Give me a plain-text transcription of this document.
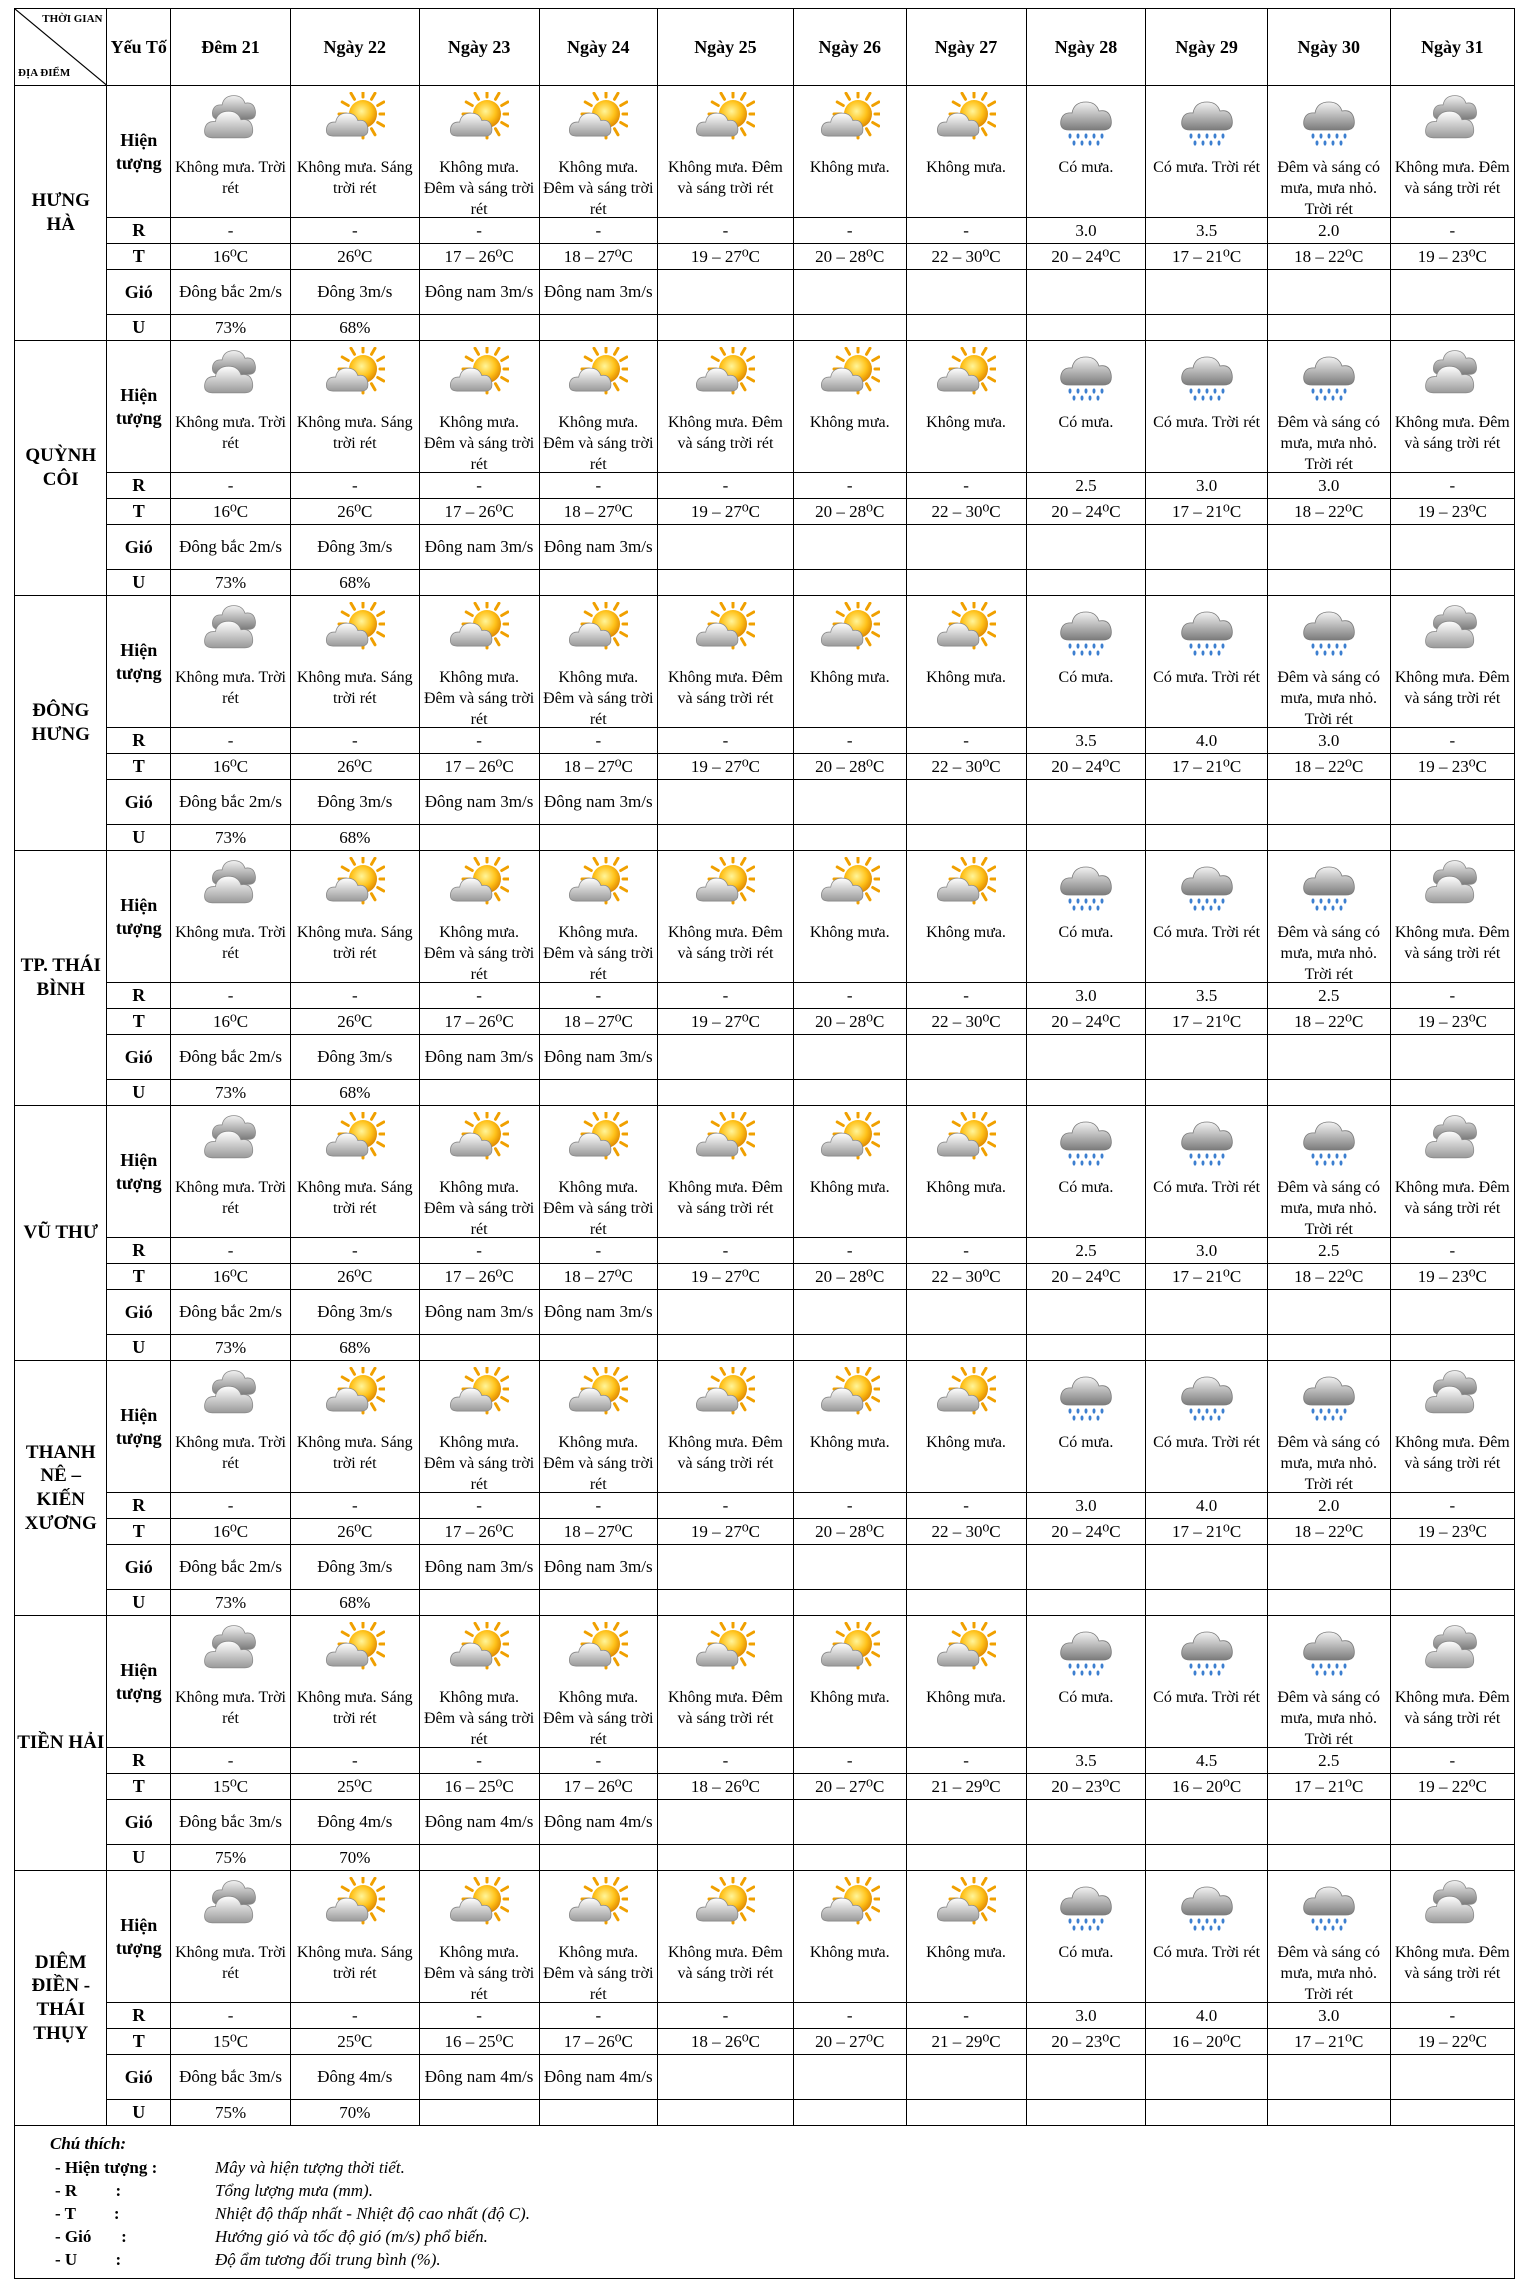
THỜI GIAN
ĐỊA ĐIỂM	Yếu Tố	Đêm 21	Ngày 22	Ngày 23	Ngày 24	Ngày 25	Ngày 26	Ngày 27	Ngày 28	Ngày 29	Ngày 30	Ngày 31
HƯNG HÀ	Hiện tượng	Không mưa. Trời rét	Không mưa. Sáng trời rét	Không mưa. Đêm và sáng trời rét	Không mưa. Đêm và sáng trời rét	Không mưa. Đêm và sáng trời rét	Không mưa.	Không mưa.	Có mưa.	Có mưa. Trời rét	Đêm và sáng có mưa, mưa nhỏ. Trời rét	Không mưa. Đêm và sáng trời rét

	R	-	-	-	-	-	-	-	3.0	3.5	2.0	-
	T	16⁰C	26⁰C	17 – 26⁰C	18 – 27⁰C	19 – 27⁰C	20 – 28⁰C	22 – 30⁰C	20 – 24⁰C	17 – 21⁰C	18 – 22⁰C	19 – 23⁰C
	Gió	Đông bắc 2m/s	Đông 3m/s	Đông nam 3m/s	Đông nam 3m/s							
	U	73%	68%									
QUỲNH CÔI	Hiện tượng	Không mưa. Trời rét	Không mưa. Sáng trời rét	Không mưa. Đêm và sáng trời rét	Không mưa. Đêm và sáng trời rét	Không mưa. Đêm và sáng trời rét	Không mưa.	Không mưa.	Có mưa.	Có mưa. Trời rét	Đêm và sáng có mưa, mưa nhỏ. Trời rét	Không mưa. Đêm và sáng trời rét

	R	-	-	-	-	-	-	-	2.5	3.0	3.0	-
	T	16⁰C	26⁰C	17 – 26⁰C	18 – 27⁰C	19 – 27⁰C	20 – 28⁰C	22 – 30⁰C	20 – 24⁰C	17 – 21⁰C	18 – 22⁰C	19 – 23⁰C
	Gió	Đông bắc 2m/s	Đông 3m/s	Đông nam 3m/s	Đông nam 3m/s							
	U	73%	68%									
ĐÔNG HƯNG	Hiện tượng	Không mưa. Trời rét	Không mưa. Sáng trời rét	Không mưa. Đêm và sáng trời rét	Không mưa. Đêm và sáng trời rét	Không mưa. Đêm và sáng trời rét	Không mưa.	Không mưa.	Có mưa.	Có mưa. Trời rét	Đêm và sáng có mưa, mưa nhỏ. Trời rét	Không mưa. Đêm và sáng trời rét

	R	-	-	-	-	-	-	-	3.5	4.0	3.0	-
	T	16⁰C	26⁰C	17 – 26⁰C	18 – 27⁰C	19 – 27⁰C	20 – 28⁰C	22 – 30⁰C	20 – 24⁰C	17 – 21⁰C	18 – 22⁰C	19 – 23⁰C
	Gió	Đông bắc 2m/s	Đông 3m/s	Đông nam 3m/s	Đông nam 3m/s							
	U	73%	68%									
TP. THÁI BÌNH	Hiện tượng	Không mưa. Trời rét	Không mưa. Sáng trời rét	Không mưa. Đêm và sáng trời rét	Không mưa. Đêm và sáng trời rét	Không mưa. Đêm và sáng trời rét	Không mưa.	Không mưa.	Có mưa.	Có mưa. Trời rét	Đêm và sáng có mưa, mưa nhỏ. Trời rét	Không mưa. Đêm và sáng trời rét

	R	-	-	-	-	-	-	-	3.0	3.5	2.5	-
	T	16⁰C	26⁰C	17 – 26⁰C	18 – 27⁰C	19 – 27⁰C	20 – 28⁰C	22 – 30⁰C	20 – 24⁰C	17 – 21⁰C	18 – 22⁰C	19 – 23⁰C
	Gió	Đông bắc 2m/s	Đông 3m/s	Đông nam 3m/s	Đông nam 3m/s							
	U	73%	68%									
VŨ THƯ	Hiện tượng	Không mưa. Trời rét	Không mưa. Sáng trời rét	Không mưa. Đêm và sáng trời rét	Không mưa. Đêm và sáng trời rét	Không mưa. Đêm và sáng trời rét	Không mưa.	Không mưa.	Có mưa.	Có mưa. Trời rét	Đêm và sáng có mưa, mưa nhỏ. Trời rét	Không mưa. Đêm và sáng trời rét

	R	-	-	-	-	-	-	-	2.5	3.0	2.5	-
	T	16⁰C	26⁰C	17 – 26⁰C	18 – 27⁰C	19 – 27⁰C	20 – 28⁰C	22 – 30⁰C	20 – 24⁰C	17 – 21⁰C	18 – 22⁰C	19 – 23⁰C
	Gió	Đông bắc 2m/s	Đông 3m/s	Đông nam 3m/s	Đông nam 3m/s							
	U	73%	68%									
THANH NÊ – KIẾN XƯƠNG	Hiện tượng	Không mưa. Trời rét	Không mưa. Sáng trời rét	Không mưa. Đêm và sáng trời rét	Không mưa. Đêm và sáng trời rét	Không mưa. Đêm và sáng trời rét	Không mưa.	Không mưa.	Có mưa.	Có mưa. Trời rét	Đêm và sáng có mưa, mưa nhỏ. Trời rét	Không mưa. Đêm và sáng trời rét

	R	-	-	-	-	-	-	-	3.0	4.0	2.0	-
	T	16⁰C	26⁰C	17 – 26⁰C	18 – 27⁰C	19 – 27⁰C	20 – 28⁰C	22 – 30⁰C	20 – 24⁰C	17 – 21⁰C	18 – 22⁰C	19 – 23⁰C
	Gió	Đông bắc 2m/s	Đông 3m/s	Đông nam 3m/s	Đông nam 3m/s							
	U	73%	68%									
TIỀN HẢI	Hiện tượng	Không mưa. Trời rét	Không mưa. Sáng trời rét	Không mưa. Đêm và sáng trời rét	Không mưa. Đêm và sáng trời rét	Không mưa. Đêm và sáng trời rét	Không mưa.	Không mưa.	Có mưa.	Có mưa. Trời rét	Đêm và sáng có mưa, mưa nhỏ. Trời rét	Không mưa. Đêm và sáng trời rét

	R	-	-	-	-	-	-	-	3.5	4.5	2.5	-
	T	15⁰C	25⁰C	16 – 25⁰C	17 – 26⁰C	18 – 26⁰C	20 – 27⁰C	21 – 29⁰C	20 – 23⁰C	16 – 20⁰C	17 – 21⁰C	19 – 22⁰C
	Gió	Đông bắc 3m/s	Đông 4m/s	Đông nam 4m/s	Đông nam 4m/s							
	U	75%	70%									
DIÊM ĐIỀN - THÁI THỤY	Hiện tượng	Không mưa. Trời rét	Không mưa. Sáng trời rét	Không mưa. Đêm và sáng trời rét	Không mưa. Đêm và sáng trời rét	Không mưa. Đêm và sáng trời rét	Không mưa.	Không mưa.	Có mưa.	Có mưa. Trời rét	Đêm và sáng có mưa, mưa nhỏ. Trời rét	Không mưa. Đêm và sáng trời rét

	R	-	-	-	-	-	-	-	3.0	4.0	3.0	-
	T	15⁰C	25⁰C	16 – 25⁰C	17 – 26⁰C	18 – 26⁰C	20 – 27⁰C	21 – 29⁰C	20 – 23⁰C	16 – 20⁰C	17 – 21⁰C	19 – 22⁰C
	Gió	Đông bắc 3m/s	Đông 4m/s	Đông nam 4m/s	Đông nam 4m/s							
	U	75%	70%									
Chú thích:
- Hiện tượng :	Mây và hiện tượng thời tiết.
- R         :	Tổng lượng mưa (mm).
- T         :	Nhiệt độ thấp nhất - Nhiệt độ cao nhất (độ C).
- Gió       :	Hướng gió và tốc độ gió (m/s) phổ biến.
- U         :	Độ ẩm tương đối trung bình (%).
